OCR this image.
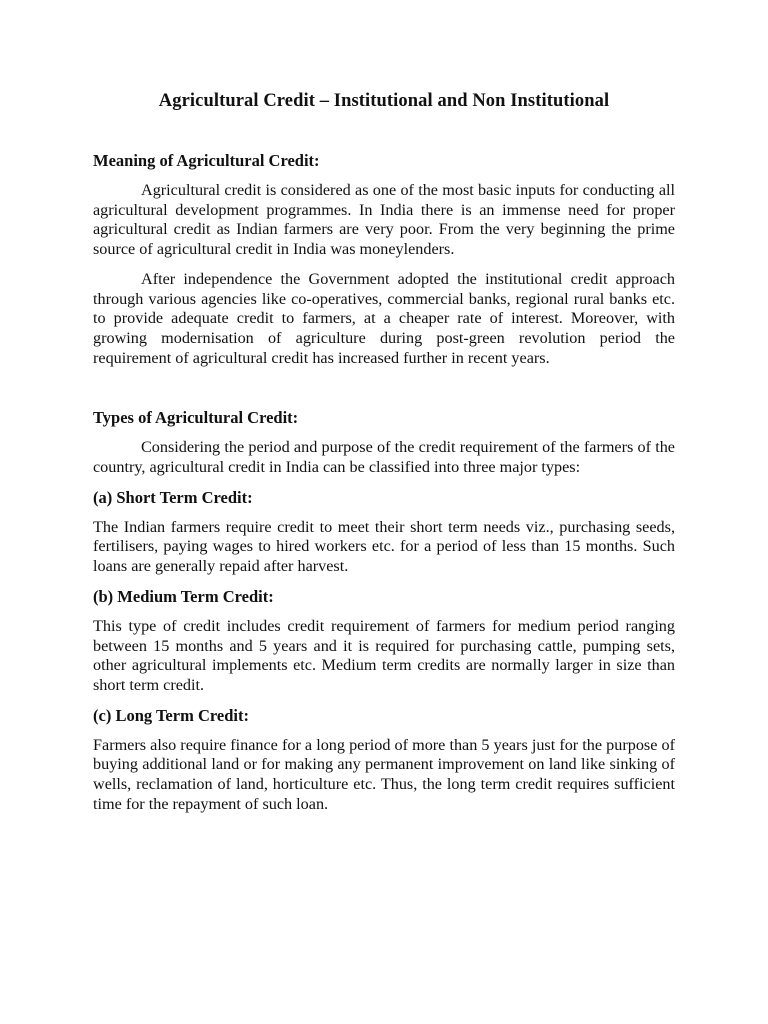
Agricultural Credit – Institutional and Non Institutional
Meaning of Agricultural Credit:

Agricultural credit is considered as one of the most basic inputs for conducting all agricultural development programmes. In India there is an immense need for proper agricultural credit as Indian farmers are very poor. From the very beginning the prime source of agricultural credit in India was moneylenders.

After independence the Government adopted the institutional credit approach through various agencies like co-operatives, commercial banks, regional rural banks etc. to provide adequate credit to farmers, at a cheaper rate of interest. Moreover, with growing modernisation of agriculture during post-green revolution period the requirement of agricultural credit has increased further in recent years.

Types of Agricultural Credit:

Considering the period and purpose of the credit requirement of the farmers of the country, agricultural credit in India can be classified into three major types:

(a) Short Term Credit:

The Indian farmers require credit to meet their short term needs viz., purchasing seeds, fertilisers, paying wages to hired workers etc. for a period of less than 15 months. Such loans are generally repaid after harvest.

(b) Medium Term Credit:

This type of credit includes credit requirement of farmers for medium period ranging between 15 months and 5 years and it is required for purchasing cattle, pumping sets, other agricultural implements etc. Medium term credits are normally larger in size than short term credit.

(c) Long Term Credit:

Farmers also require finance for a long period of more than 5 years just for the purpose of buying additional land or for making any permanent improvement on land like sinking of wells, reclamation of land, horticulture etc. Thus, the long term credit requires sufficient time for the repayment of such loan.
